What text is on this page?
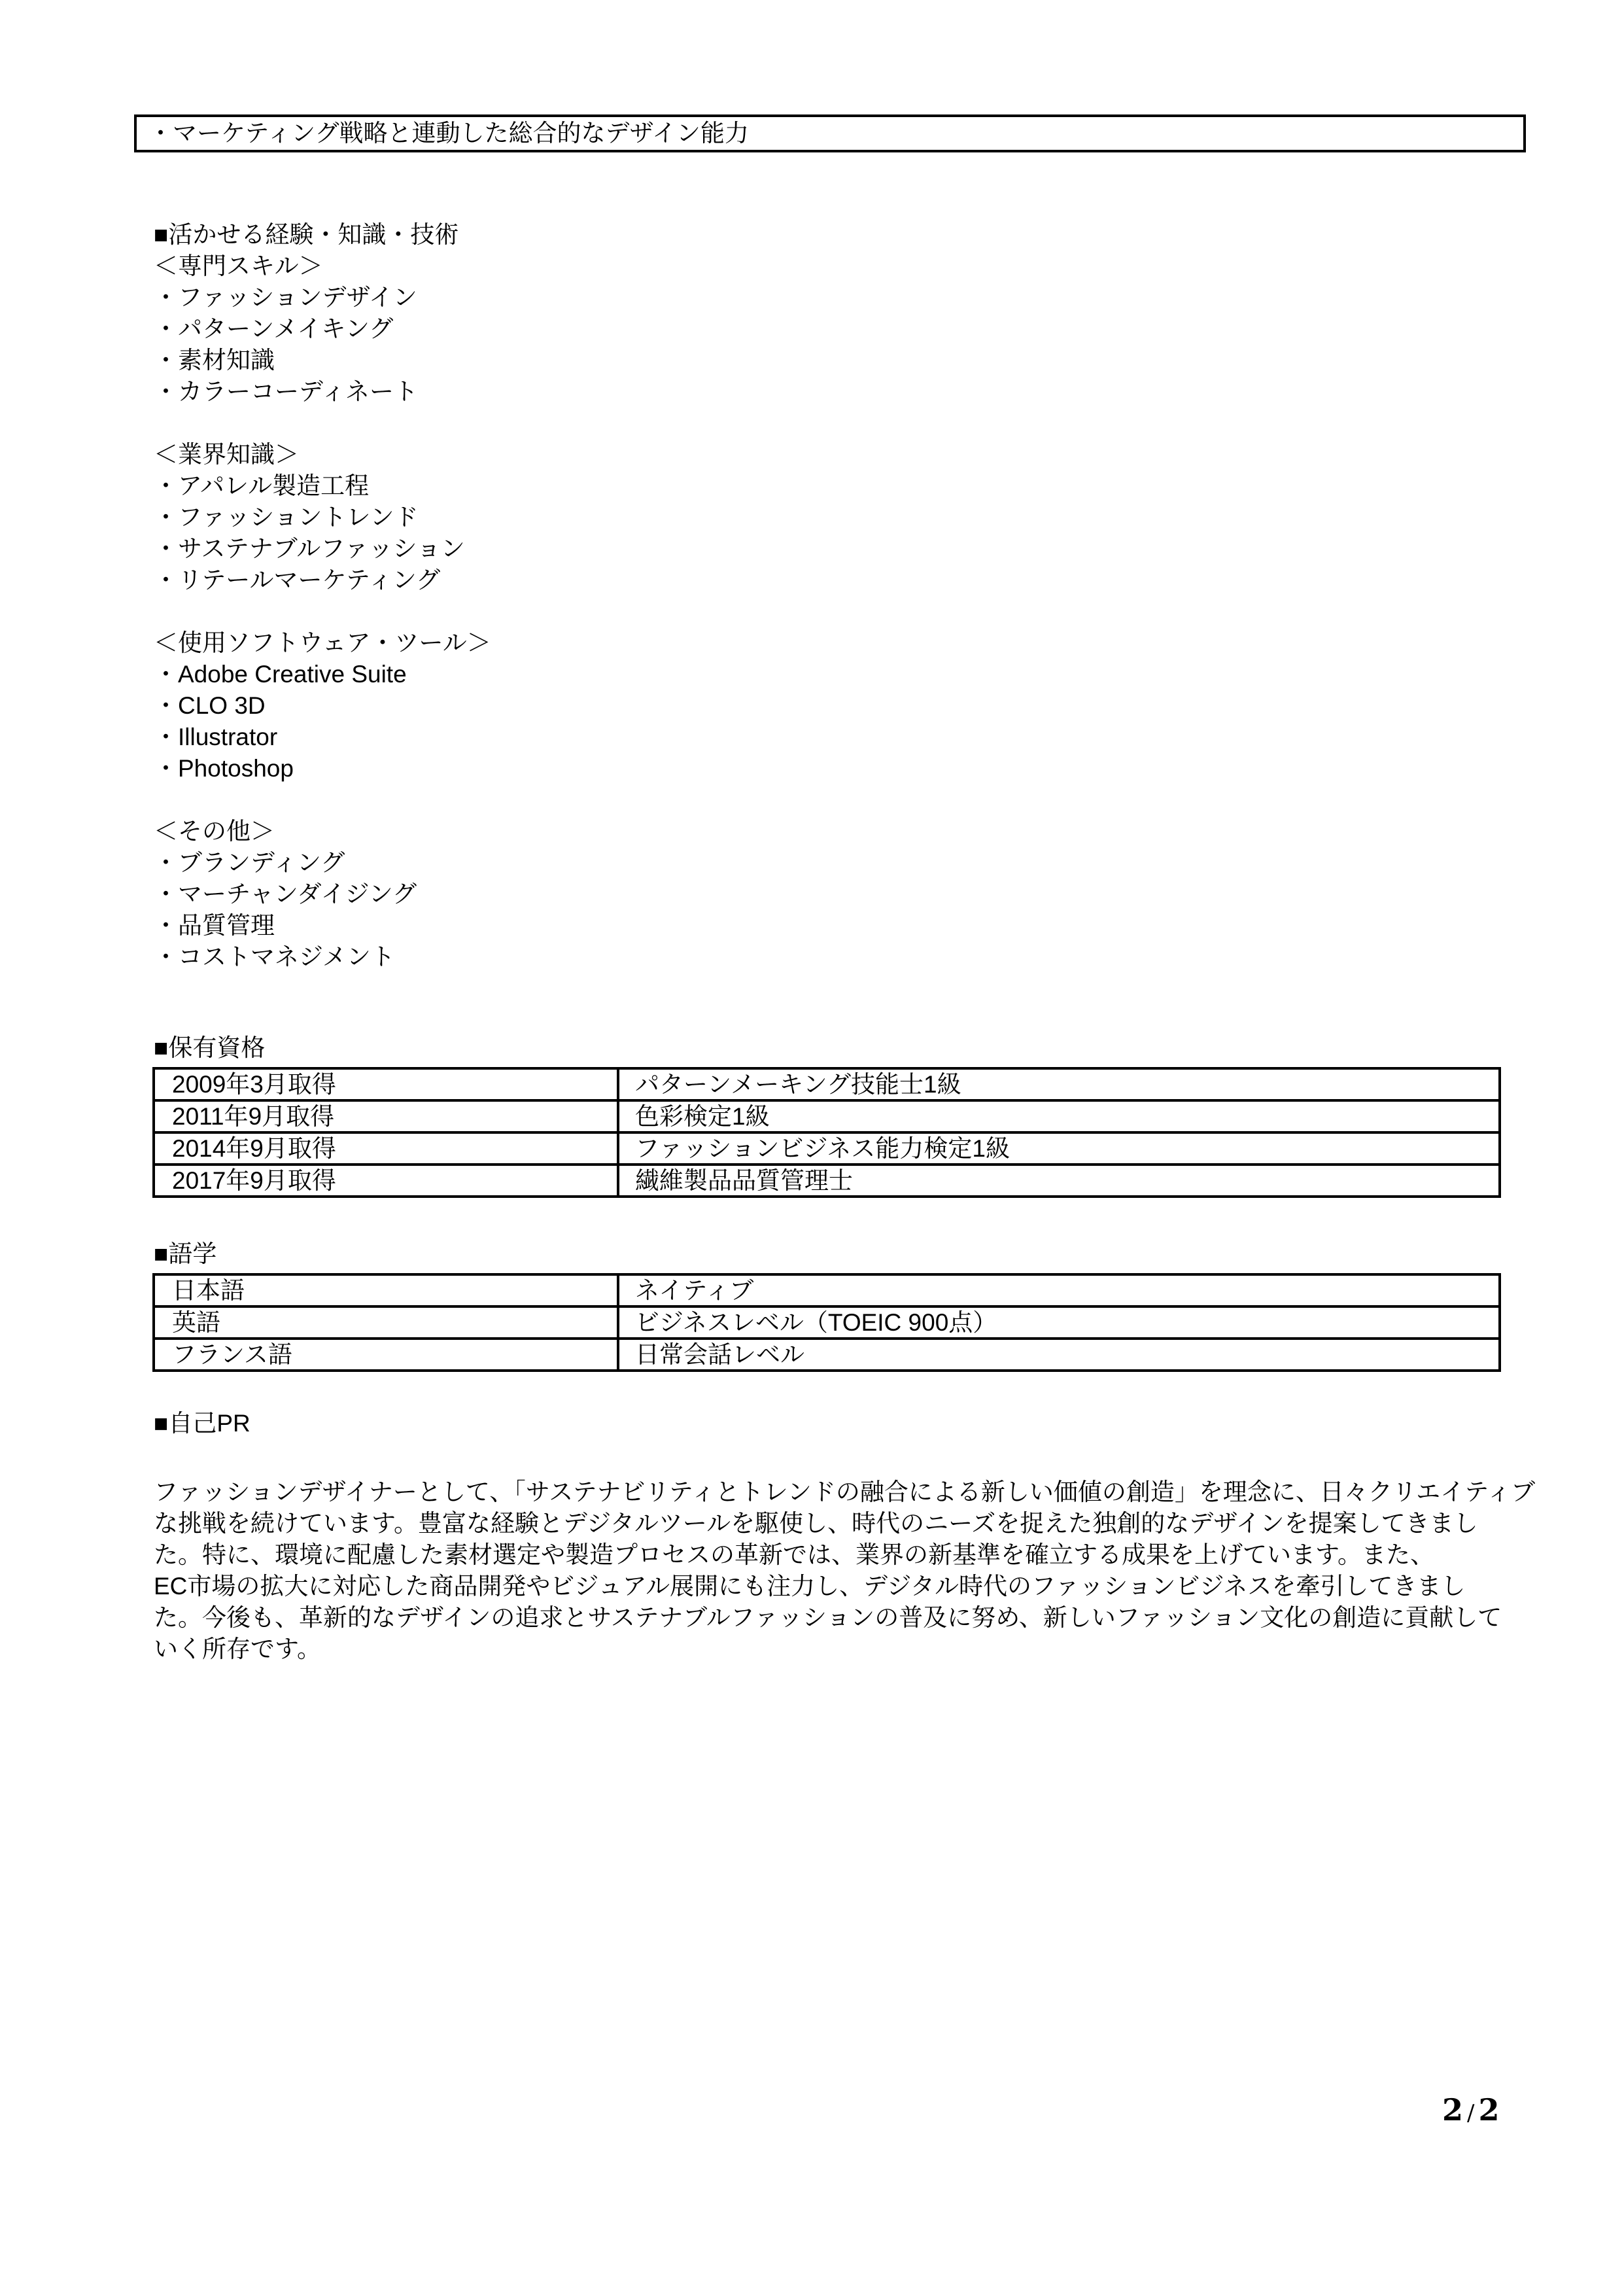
・マーケティング戦略と連動した総合的なデザイン能力
■活かせる経験・知識・技術
＜専門スキル＞
・ファッションデザイン
・パターンメイキング
・素材知識
・カラーコーディネート
＜業界知識＞
・アパレル製造工程
・ファッショントレンド
・サステナブルファッション
・リテールマーケティング
＜使用ソフトウェア・ツール＞
・Adobe Creative Suite
・CLO 3D
・Illustrator
・Photoshop
＜その他＞
・ブランディング
・マーチャンダイジング
・品質管理
・コストマネジメント
■保有資格
2009年3月取得	パターンメーキング技能士1級
2011年9月取得	色彩検定1級
2014年9月取得	ファッションビジネス能力検定1級
2017年9月取得	繊維製品品質管理士
■語学
日本語	ネイティブ
英語	ビジネスレベル（TOEIC 900点）
フランス語	日常会話レベル
■自己PR
ファッションデザイナーとして、「サステナビリティとトレンドの融合による新しい価値の創造」を理念に、日々クリエイティブ
な挑戦を続けています。豊富な経験とデジタルツールを駆使し、時代のニーズを捉えた独創的なデザインを提案してきまし
た。特に、環境に配慮した素材選定や製造プロセスの革新では、業界の新基準を確立する成果を上げています。また、
EC市場の拡大に対応した商品開発やビジュアル展開にも注力し、デジタル時代のファッションビジネスを牽引してきまし
た。今後も、革新的なデザインの追求とサステナブルファッションの普及に努め、新しいファッション文化の創造に貢献して
いく所存です。
2 /2
